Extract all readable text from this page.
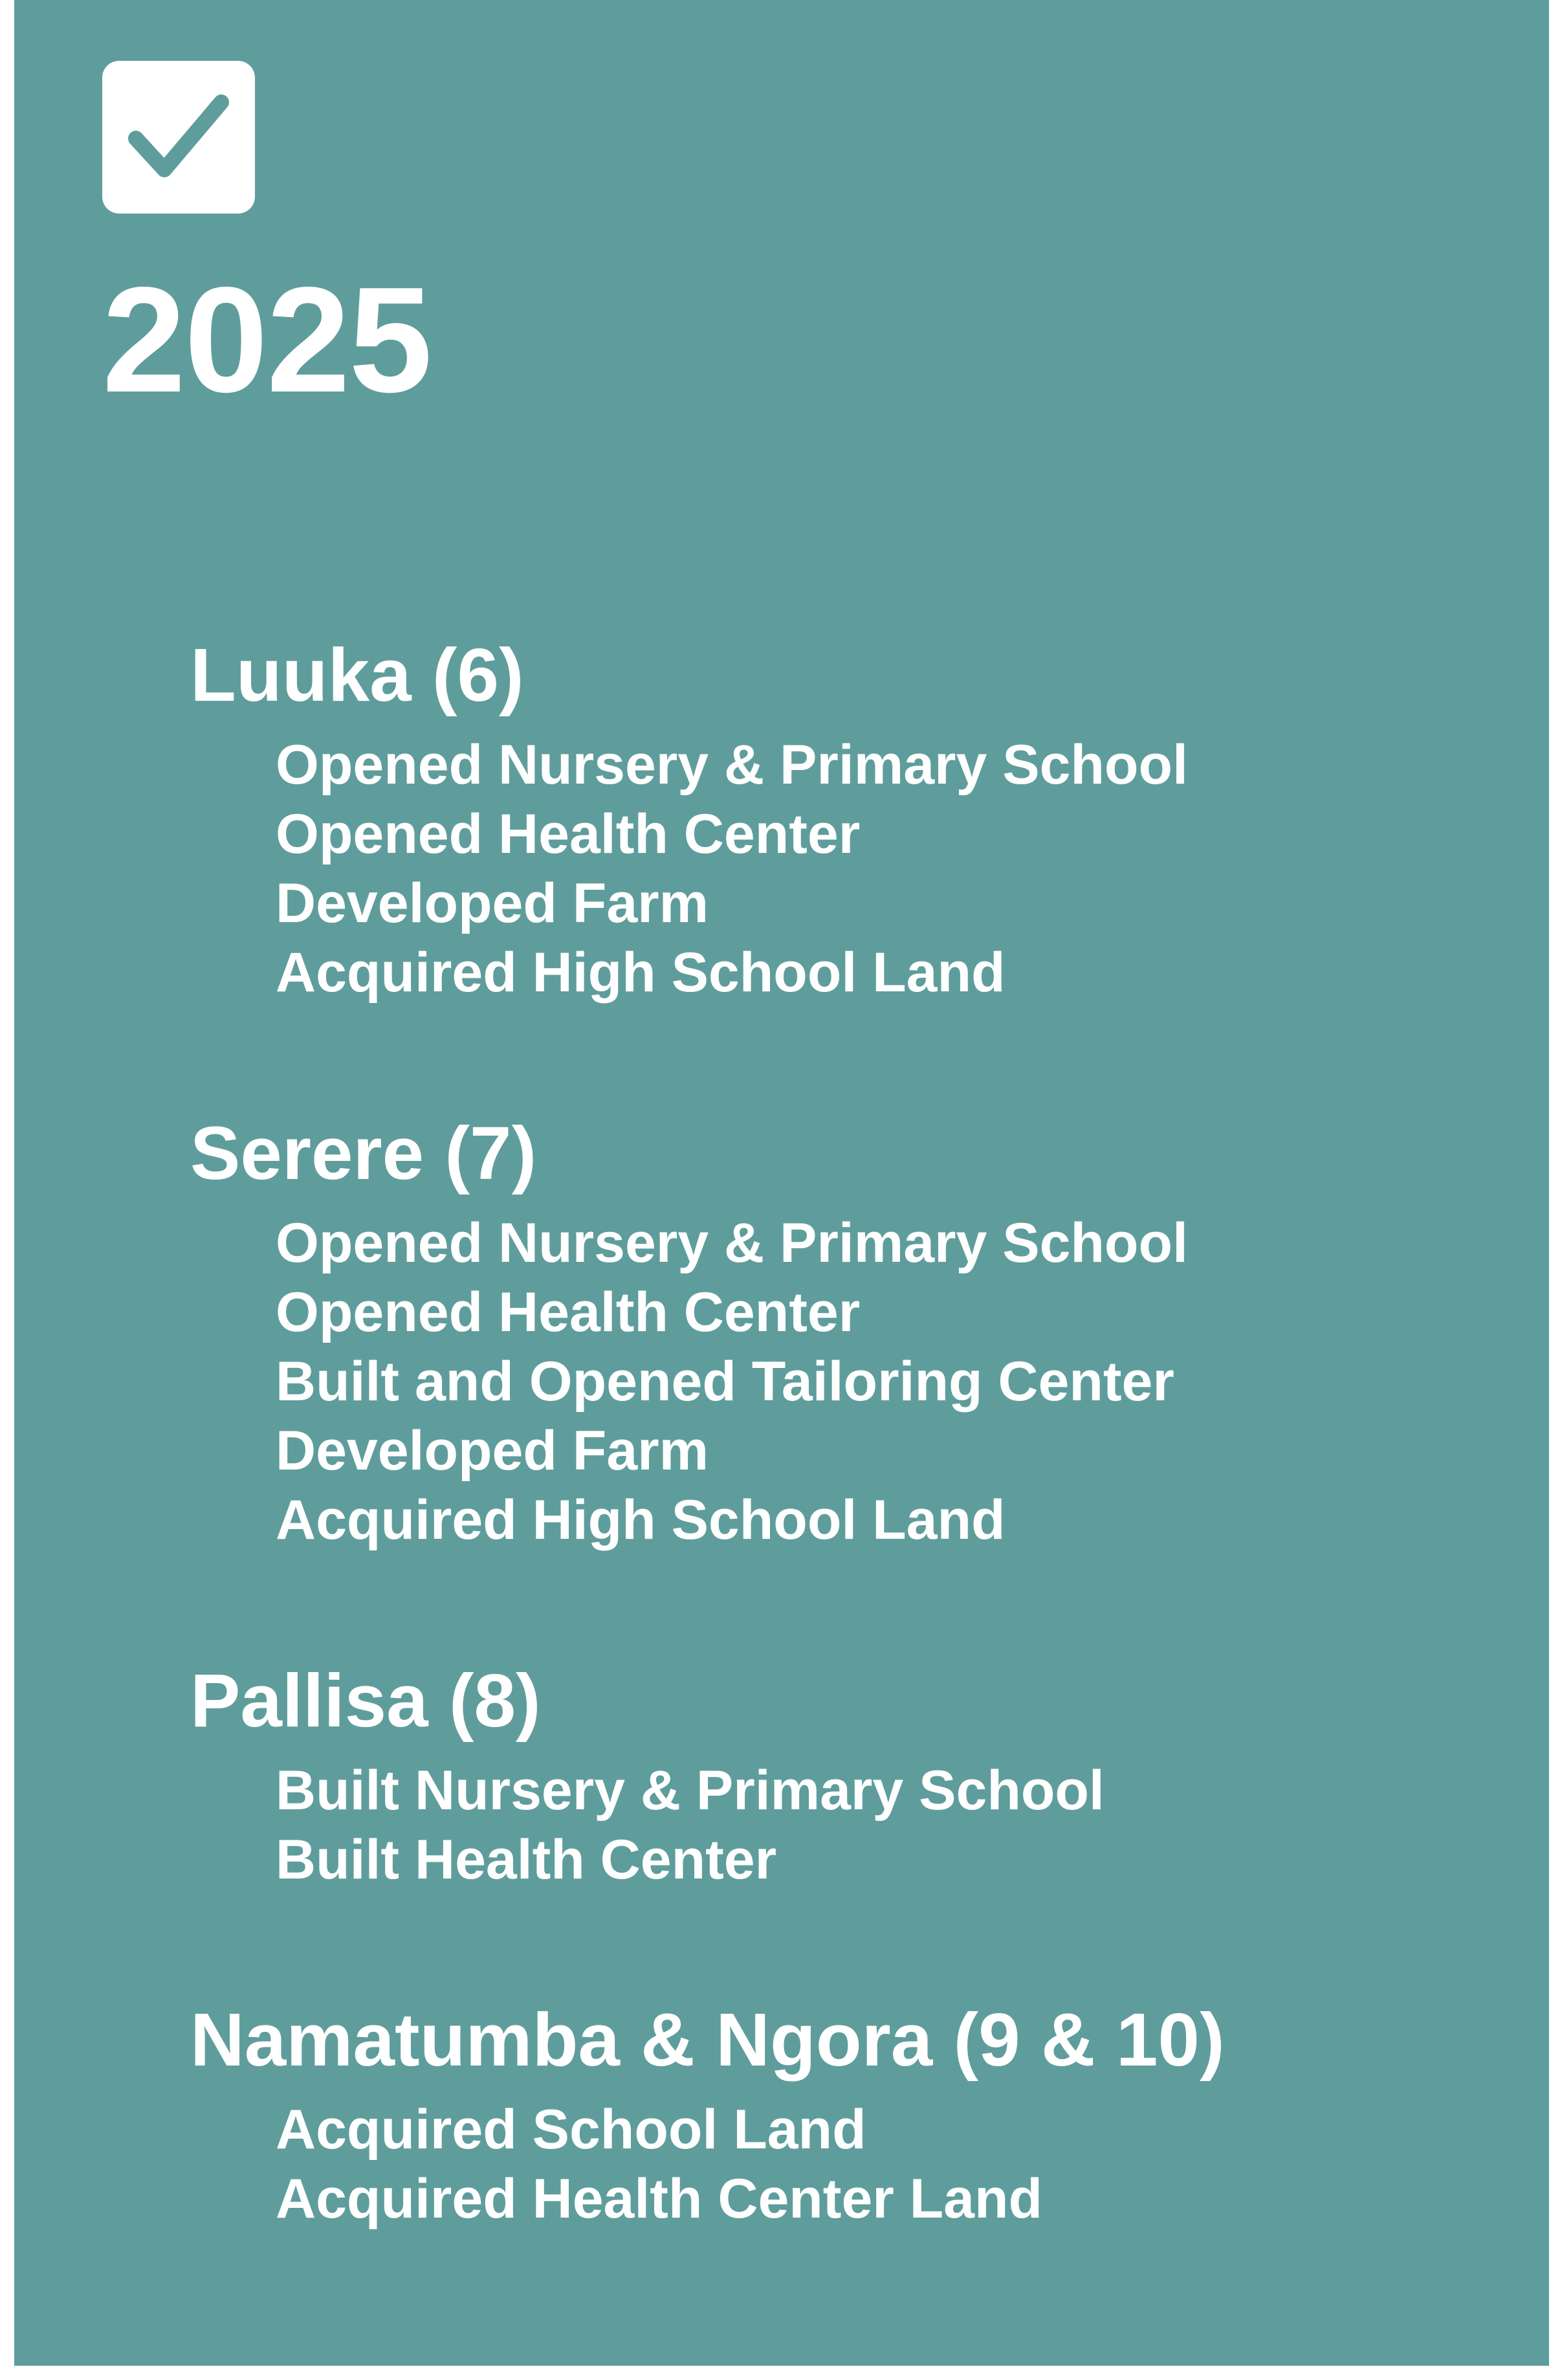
2025
Luuka (6)
Opened Nursery & Primary School
Opened Health Center
Developed Farm
Acquired High School Land
Serere (7)
Opened Nursery & Primary School
Opened Health Center
Built and Opened Tailoring Center
Developed Farm
Acquired High School Land
Pallisa (8)
Built Nursery & Primary School
Built Health Center
Namatumba & Ngora (9 & 10)
Acquired School Land
Acquired Health Center Land
